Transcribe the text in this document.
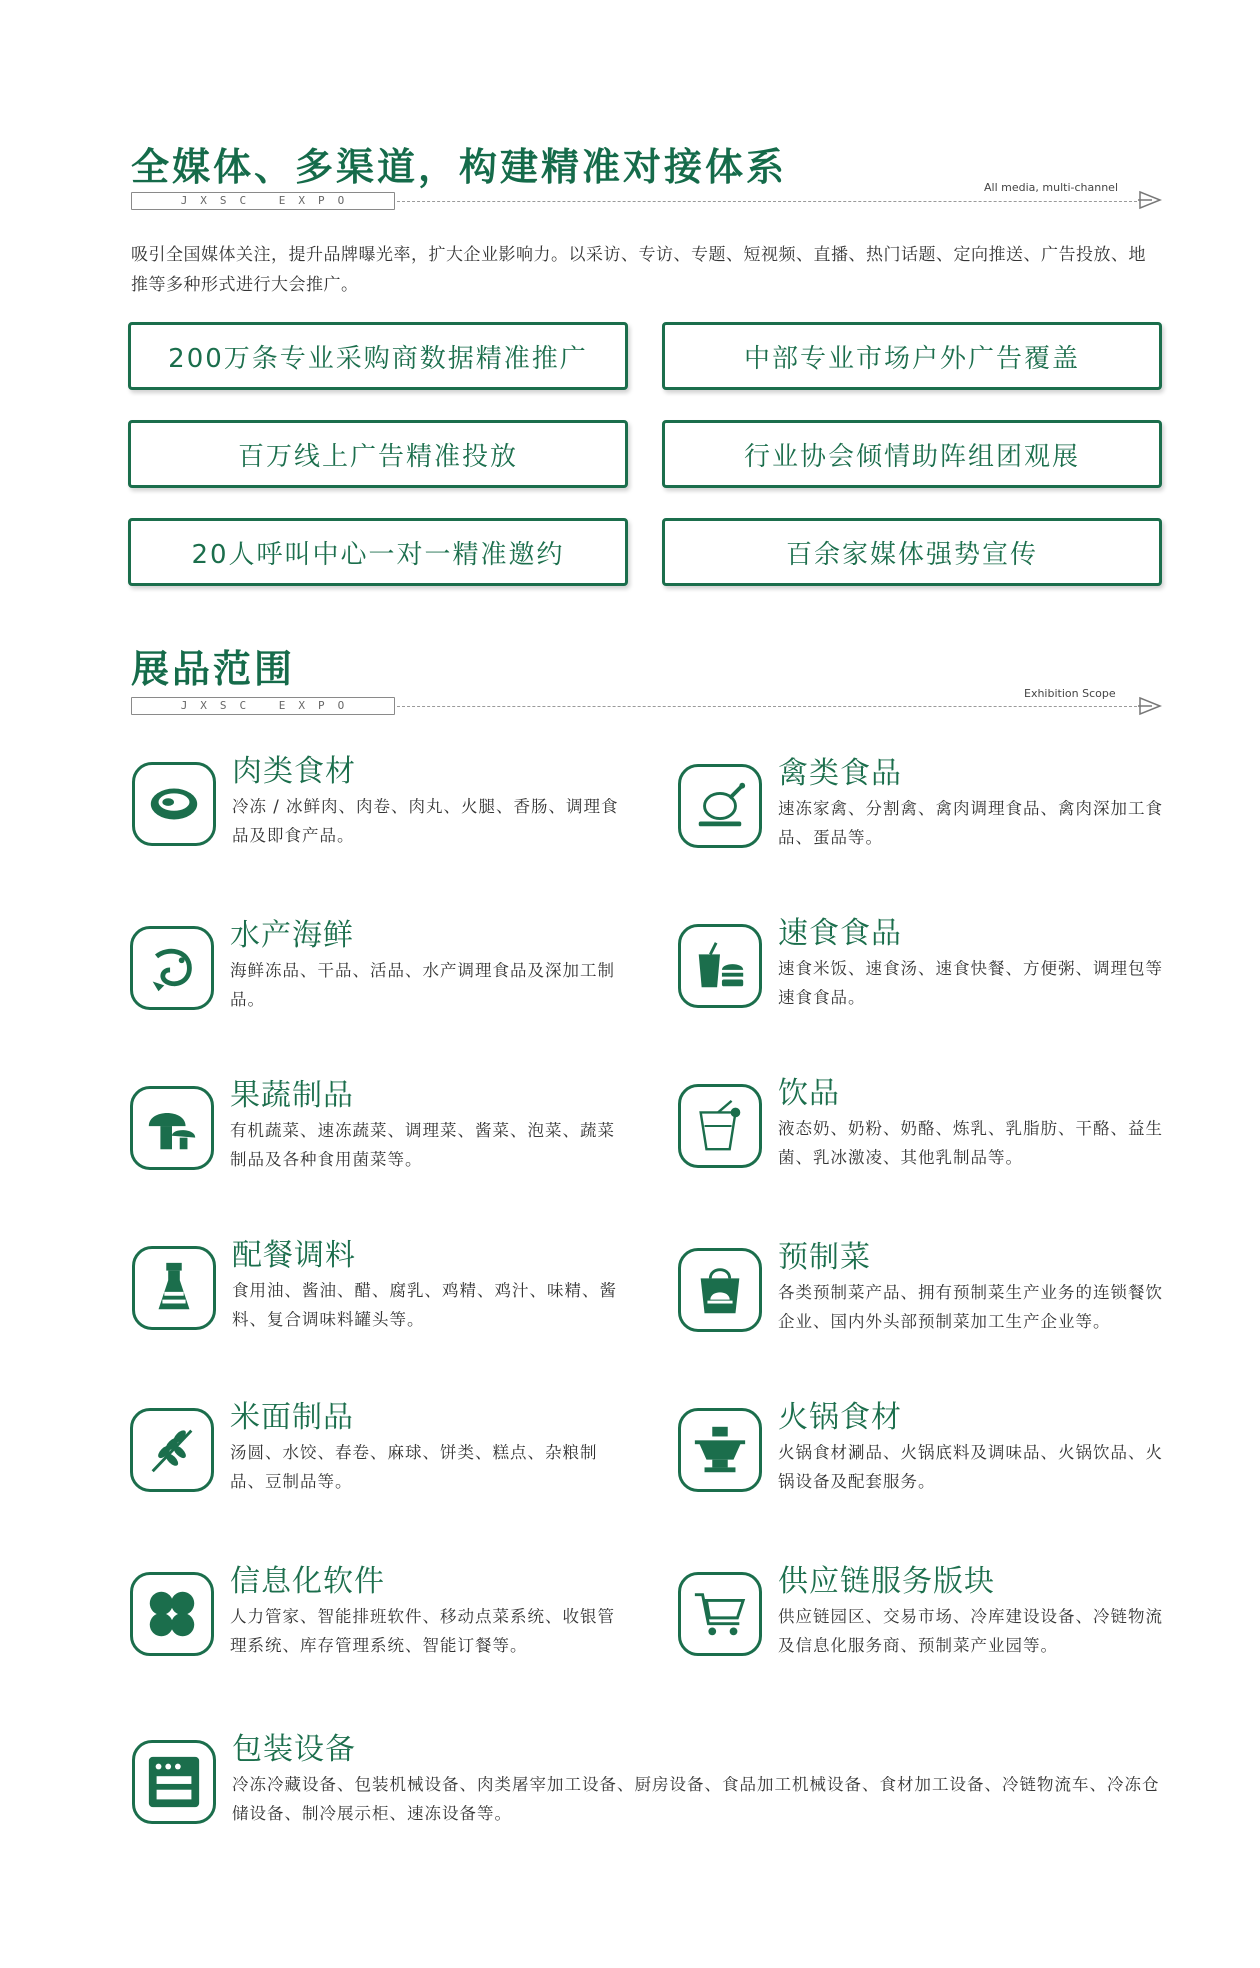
全媒体、多渠道，构建精准对接体系
JXSC EXPO
All media, multi-channel
吸引全国媒体关注，提升品牌曝光率，扩大企业影响力。以采访、专访、专题、短视频、直播、热门话题、定向推送、广告投放、地推等多种形式进行大会推广。
200万条专业采购商数据精准推广	中部专业市场户外广告覆盖
百万线上广告精准投放	行业协会倾情助阵组团观展
20人呼叫中心一对一精准邀约	百余家媒体强势宣传
展品范围
JXSC EXPO
Exhibition Scope
肉类食材
冷冻 / 冰鲜肉、肉卷、肉丸、火腿、香肠、调理食品及即食产品。
禽类食品
速冻家禽、分割禽、禽肉调理食品、禽肉深加工食品、蛋品等。
水产海鲜
海鲜冻品、干品、活品、水产调理食品及深加工制品。
速食食品
速食米饭、速食汤、速食快餐、方便粥、调理包等速食食品。
果蔬制品
有机蔬菜、速冻蔬菜、调理菜、酱菜、泡菜、蔬菜制品及各种食用菌菜等。
饮品
液态奶、奶粉、奶酪、炼乳、乳脂肪、干酪、益生菌、乳冰激凌、其他乳制品等。
配餐调料
食用油、酱油、醋、腐乳、鸡精、鸡汁、味精、酱料、复合调味料罐头等。
预制菜
各类预制菜产品、拥有预制菜生产业务的连锁餐饮企业、国内外头部预制菜加工生产企业等。
米面制品
汤圆、水饺、春卷、麻球、饼类、糕点、杂粮制品、豆制品等。
火锅食材
火锅食材涮品、火锅底料及调味品、火锅饮品、火锅设备及配套服务。
信息化软件
人力管家、智能排班软件、移动点菜系统、收银管理系统、库存管理系统、智能订餐等。
供应链服务版块
供应链园区、交易市场、冷库建设设备、冷链物流及信息化服务商、预制菜产业园等。
包装设备
冷冻冷藏设备、包装机械设备、肉类屠宰加工设备、厨房设备、食品加工机械设备、食材加工设备、冷链物流车、冷冻仓储设备、制冷展示柜、速冻设备等。
